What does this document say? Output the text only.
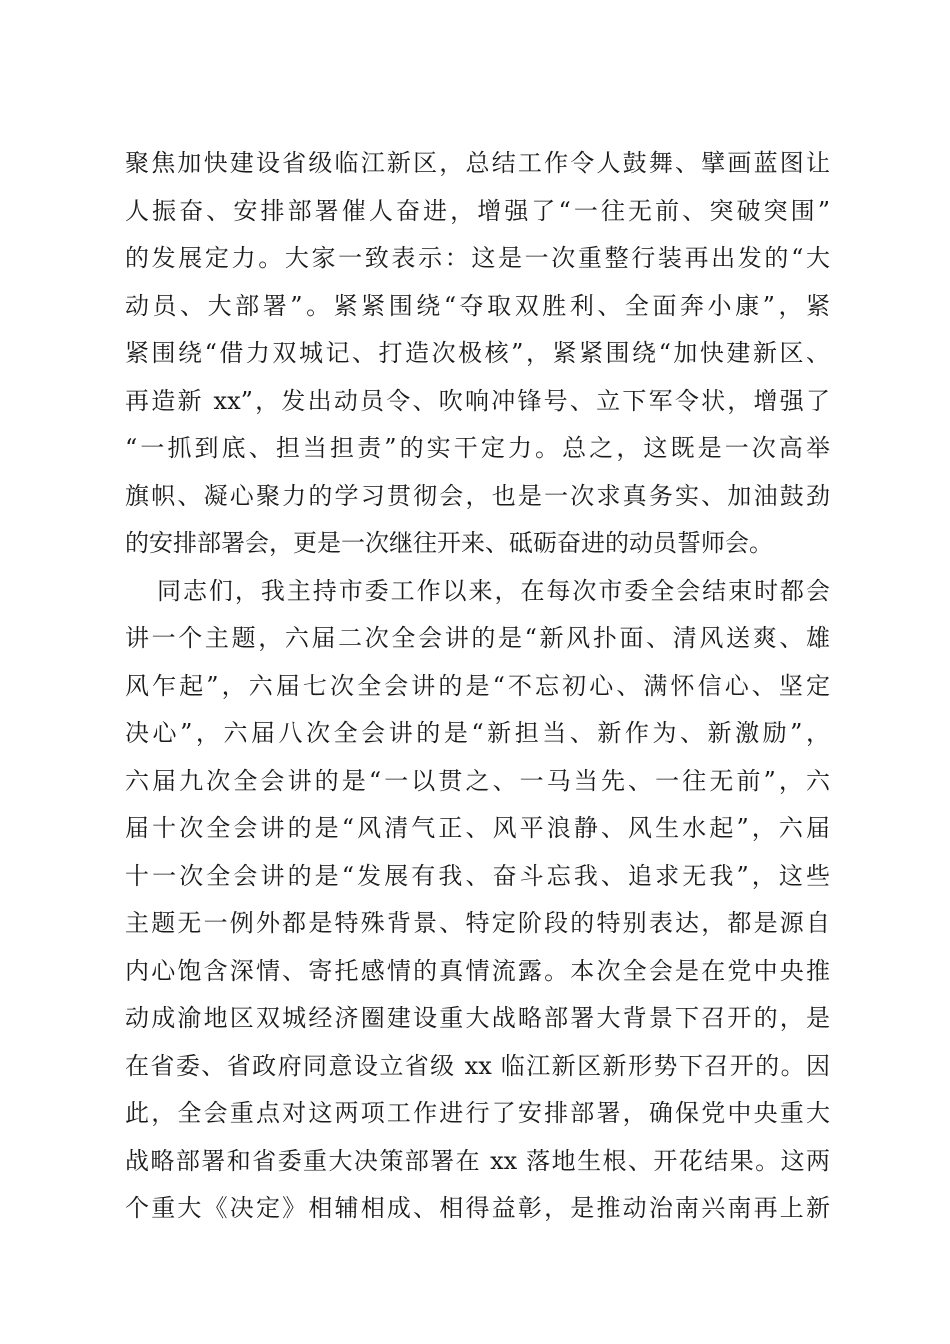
聚焦加快建设省级临江新区，总结工作令人鼓舞、擘画蓝图让
人振奋、安排部署催人奋进，增强了“一往无前、突破突围”
的发展定力。大家一致表示：这是一次重整行装再出发的“大
动员、大部署”。紧紧围绕“夺取双胜利、全面奔小康”，紧
紧围绕“借力双城记、打造次极核”，紧紧围绕“加快建新区、
再造新 xx”，发出动员令、吹响冲锋号、立下军令状，增强了
“一抓到底、担当担责”的实干定力。总之，这既是一次高举
旗帜、凝心聚力的学习贯彻会，也是一次求真务实、加油鼓劲
的安排部署会，更是一次继往开来、砥砺奋进的动员誓师会。
同志们，我主持市委工作以来，在每次市委全会结束时都会
讲一个主题，六届二次全会讲的是“新风扑面、清风送爽、雄
风乍起”，六届七次全会讲的是“不忘初心、满怀信心、坚定
决心”，六届八次全会讲的是“新担当、新作为、新激励”，
六届九次全会讲的是“一以贯之、一马当先、一往无前”，六
届十次全会讲的是“风清气正、风平浪静、风生水起”，六届
十一次全会讲的是“发展有我、奋斗忘我、追求无我”，这些
主题无一例外都是特殊背景、特定阶段的特别表达，都是源自
内心饱含深情、寄托感情的真情流露。本次全会是在党中央推
动成渝地区双城经济圈建设重大战略部署大背景下召开的，是
在省委、省政府同意设立省级 xx 临江新区新形势下召开的。因
此，全会重点对这两项工作进行了安排部署，确保党中央重大
战略部署和省委重大决策部署在 xx 落地生根、开花结果。这两
个重大《决定》相辅相成、相得益彰，是推动治南兴南再上新
